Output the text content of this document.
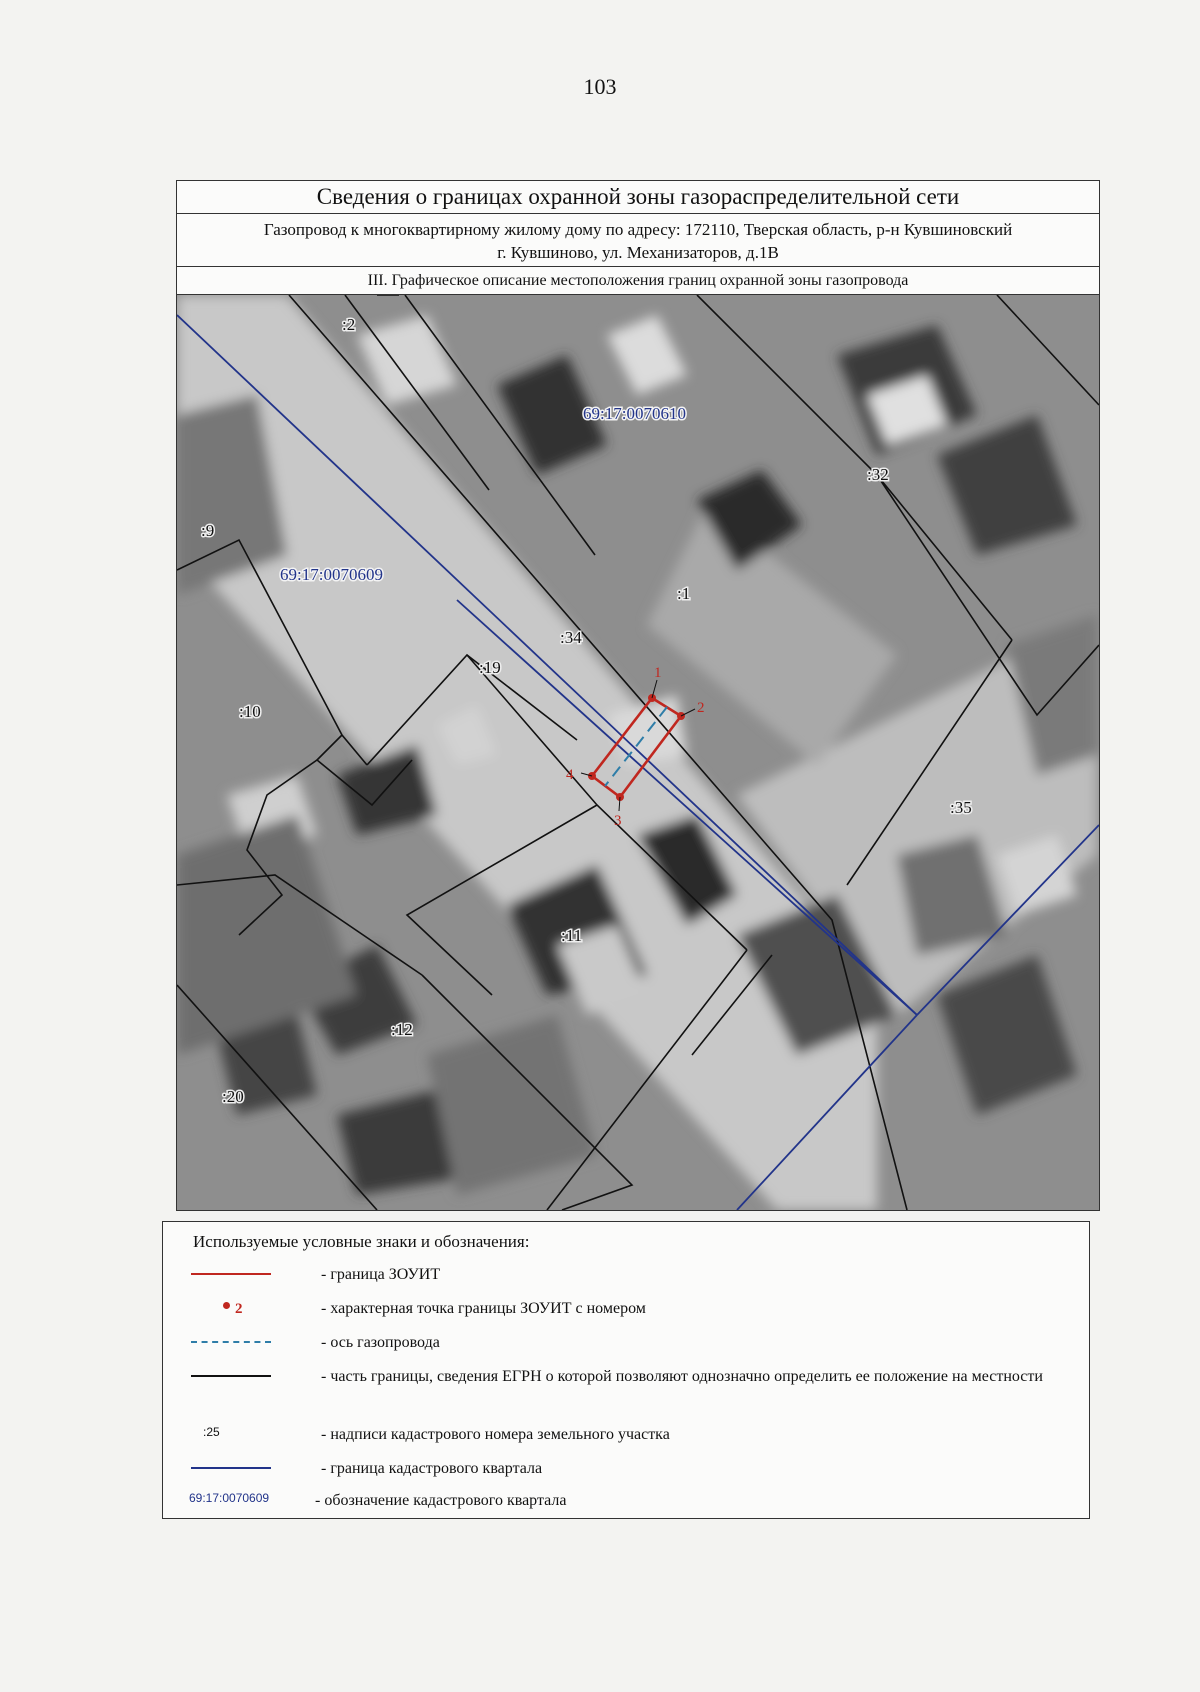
103
Сведения о границах охранной зоны газораспределительной сети
Газопровод к многоквартирному жилому дому по адресу: 172110, Тверская область, р-н Кувшиновский
г. Кувшиново, ул. Механизаторов, д.1В
III. Графическое описание местоположения границ охранной зоны газопровода
1
2
3
4
69:17:0070610
69:17:0070609
:2
:32
:9
:1
:34
:19
:10
:35
:11
:12
:20
Используемые условные знаки и обозначения:
- граница ЗОУИТ
2	- характерная точка границы ЗОУИТ с номером
- ось газопровода
- часть границы, сведения ЕГРН о которой позволяют однозначно определить ее положение на местности
:25	- надписи кадастрового номера земельного участка
- граница кадастрового квартала
69:17:0070609	- обозначение кадастрового квартала
